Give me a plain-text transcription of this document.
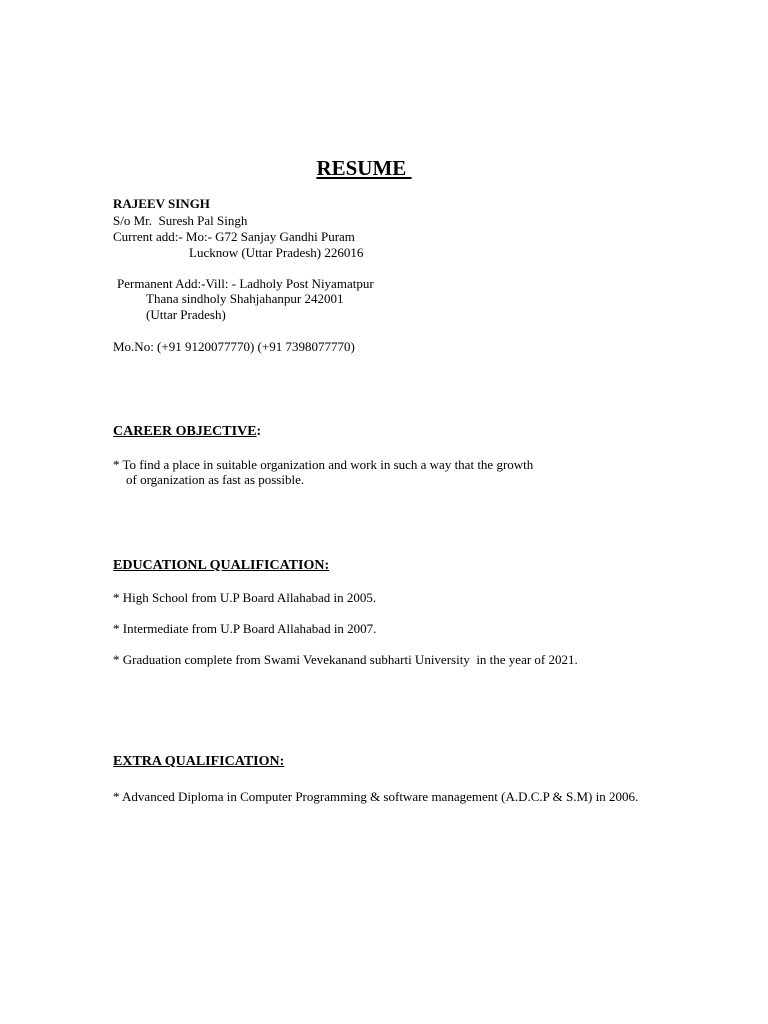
RESUME

RAJEEV SINGH

S/o Mr.  Suresh Pal Singh

Current add:- Mo:- G72 Sanjay Gandhi Puram

Lucknow (Uttar Pradesh) 226016

Permanent Add:-Vill: - Ladholy Post Niyamatpur

Thana sindholy Shahjahanpur 242001

(Uttar Pradesh)

Mo.No: (+91 9120077770) (+91 7398077770)

CAREER OBJECTIVE:

* To find a place in suitable organization and work in such a way that the growth

of organization as fast as possible.

EDUCATIONL QUALIFICATION:

* High School from U.P Board Allahabad in 2005.

* Intermediate from U.P Board Allahabad in 2007.

* Graduation complete from Swami Vevekanand subharti University  in the year of 2021.

EXTRA QUALIFICATION:

* Advanced Diploma in Computer Programming & software management (A.D.C.P & S.M) in 2006.
